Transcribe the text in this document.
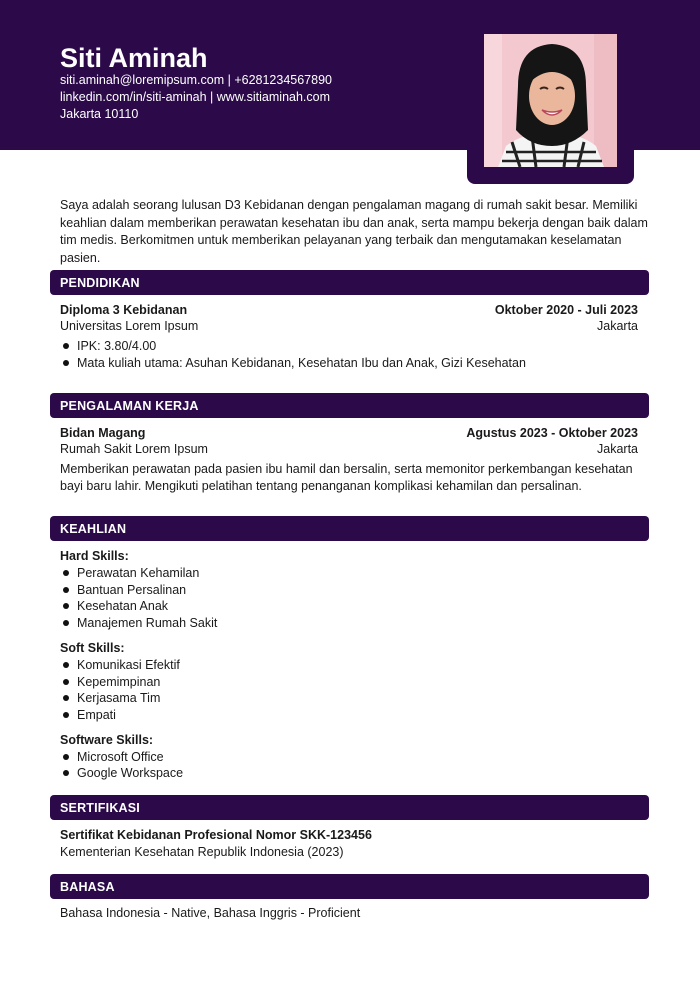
Siti Aminah
siti.aminah@loremipsum.com | +6281234567890
linkedin.com/in/siti-aminah | www.sitiaminah.com
Jakarta 10110

Saya adalah seorang lulusan D3 Kebidanan dengan pengalaman magang di rumah sakit besar. Memiliki keahlian dalam memberikan perawatan kesehatan ibu dan anak, serta mampu bekerja dengan baik dalam tim medis. Berkomitmen untuk memberikan pelayanan yang terbaik dan mengutamakan keselamatan pasien.

PENDIDIKAN
Diploma 3 Kebidanan	Oktober 2020 - Juli 2023
Universitas Lorem Ipsum	Jakarta
IPK: 3.80/4.00
Mata kuliah utama: Asuhan Kebidanan, Kesehatan Ibu dan Anak, Gizi Kesehatan
PENGALAMAN KERJA
Bidan Magang	Agustus 2023 - Oktober 2023
Rumah Sakit Lorem Ipsum	Jakarta

Memberikan perawatan pada pasien ibu hamil dan bersalin, serta memonitor perkembangan kesehatan bayi baru lahir. Mengikuti pelatihan tentang penanganan komplikasi kehamilan dan persalinan.

KEAHLIAN
Hard Skills:
Perawatan Kehamilan
Bantuan Persalinan
Kesehatan Anak
Manajemen Rumah Sakit
Soft Skills:
Komunikasi Efektif
Kepemimpinan
Kerjasama Tim
Empati
Software Skills:
Microsoft Office
Google Workspace
SERTIFIKASI
Sertifikat Kebidanan Profesional Nomor SKK-123456
Kementerian Kesehatan Republik Indonesia (2023)
BAHASA
Bahasa Indonesia - Native, Bahasa Inggris - Proficient
